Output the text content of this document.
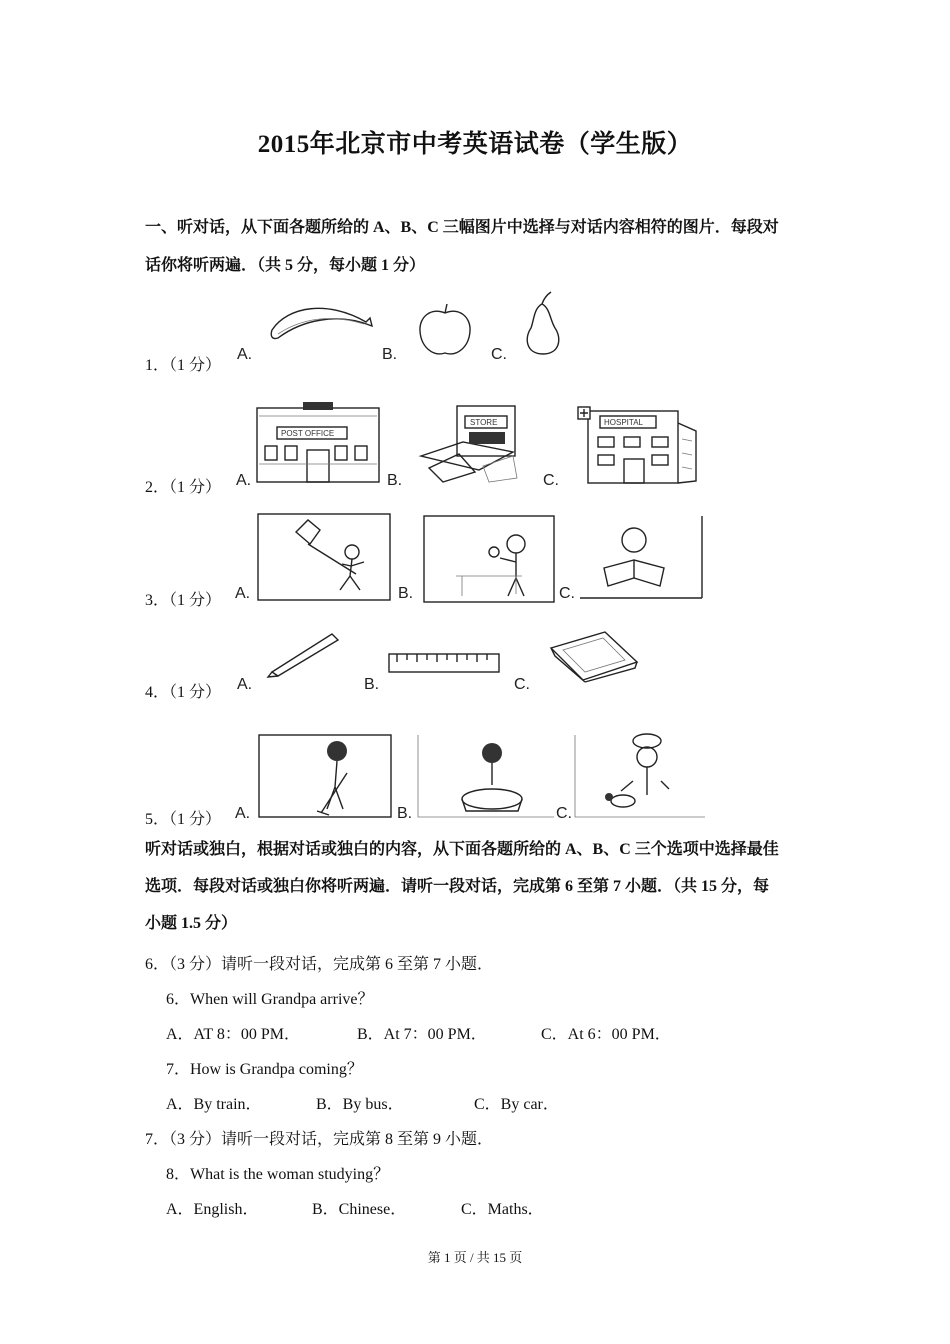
2015年北京市中考英语试卷（学生版）
一、听对话，从下面各题所给的 A、B、C 三幅图片中选择与对话内容相符的图片．每段对
话你将听两遍．（共 5 分，每小题 1 分）
1．（1 分）
A.	B.	C.
2．（1 分） A.	B.	C.
POST OFFICE
STORE	HOSPITAL
3．（1 分） A.	B.	C.
4．（1 分） A.	B.	C.
5．（1 分） A.	B.	C.
听对话或独白，根据对话或独白的内容，从下面各题所给的 A、B、C 三个选项中选择最佳
选项．每段对话或独白你将听两遍．请听一段对话，完成第 6 至第 7 小题．（共 15 分，每
小题 1.5 分）
6．（3 分）请听一段对话，完成第 6 至第 7 小题．
6．When will Grandpa arrive？
A．AT 8：00 PM．	B．At 7：00 PM．	C．At 6：00 PM．
7．How is Grandpa coming？
A．By train．	B．By bus．	C．By car．
7．（3 分）请听一段对话，完成第 8 至第 9 小题．
8．What is the woman studying？
A．English．	B．Chinese．	C．Maths．
第 1 页 / 共 15 页
